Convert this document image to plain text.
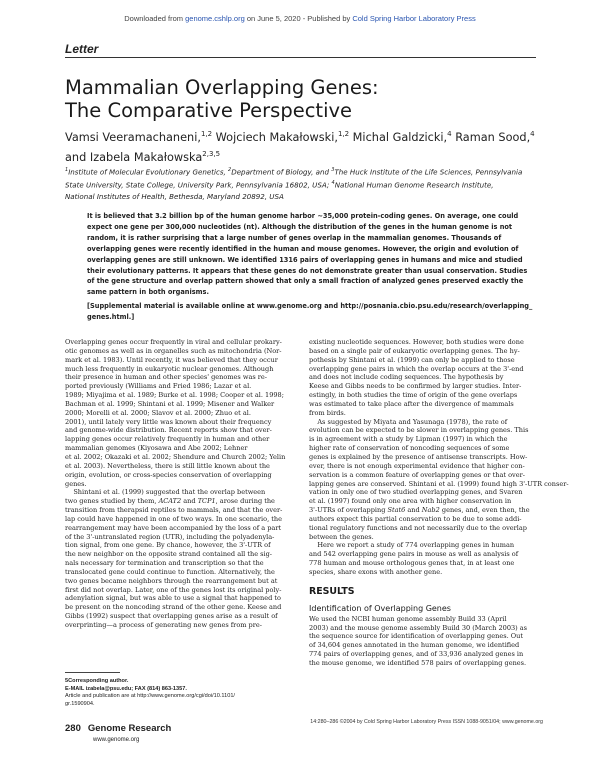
Downloaded from genome.cshlp.org on June 5, 2020 - Published by Cold Spring Harbor Laboratory Press
Letter
Mammalian Overlapping Genes:
The Comparative Perspective
Vamsi Veeramachaneni,$^{1,2}$ Wojciech Makałowski,$^{1,2}$ Michal Galdzicki,$^4$ Raman Sood,$^4$
and Izabela Makałowska$^{2,3,5}$
$^1$Institute of Molecular Evolutionary Genetics, $^2$Department of Biology, and $^3$The Huck Institute of the Life Sciences, Pennsylvania
State University, State College, University Park, Pennsylvania 16802, USA; $^4$National Human Genome Research Institute,
National Institutes of Health, Bethesda, Maryland 20892, USA
It is believed that 3.2 billion bp of the human genome harbor ~35,000 protein-coding genes. On average, one could
expect one gene per 300,000 nucleotides (nt). Although the distribution of the genes in the human genome is not
random, it is rather surprising that a large number of genes overlap in the mammalian genomes. Thousands of
overlapping genes were recently identified in the human and mouse genomes. However, the origin and evolution of
overlapping genes are still unknown. We identified 1316 pairs of overlapping genes in humans and mice and studied
their evolutionary patterns. It appears that these genes do not demonstrate greater than usual conservation. Studies
of the gene structure and overlap pattern showed that only a small fraction of analyzed genes preserved exactly the
same pattern in both organisms.
[Supplemental material is available online at www.genome.org and http://posnania.cbio.psu.edu/research/overlapping_
genes.html.]
Overlapping genes occur frequently in viral and cellular prokary-
otic genomes as well as in organelles such as mitochondria (Nor-
mark et al. 1983). Until recently, it was believed that they occur
much less frequently in eukaryotic nuclear genomes. Although
their presence in human and other species' genomes was re-
ported previously (Williams and Fried 1986; Lazar et al.
1989; Miyajima et al. 1989; Burke et al. 1998; Cooper et al. 1998;
Bachman et al. 1999; Shintani et al. 1999; Misener and Walker
2000; Morelli et al. 2000; Slavov et al. 2000; Zhuo et al.
2001), until lately very little was known about their frequency
and genome-wide distribution. Recent reports show that over-
lapping genes occur relatively frequently in human and other
mammalian genomes (Kiyosawa and Abe 2002; Lehner
et al. 2002; Okazaki et al. 2002; Shendure and Church 2002; Yelin
et al. 2003). Nevertheless, there is still little known about the
origin, evolution, or cross-species conservation of overlapping
genes.
Shintani et al. (1999) suggested that the overlap between
two genes studied by them, ACAT2 and TCP1, arose during the
transition from therapsid reptiles to mammals, and that the over-
lap could have happened in one of two ways. In one scenario, the
rearrangement may have been accompanied by the loss of a part
of the 3'-untranslated region (UTR), including the polyadenyla-
tion signal, from one gene. By chance, however, the 3'-UTR of
the new neighbor on the opposite strand contained all the sig-
nals necessary for termination and transcription so that the
translocated gene could continue to function. Alternatively, the
two genes became neighbors through the rearrangement but at
first did not overlap. Later, one of the genes lost its original poly-
adenylation signal, but was able to use a signal that happened to
be present on the noncoding strand of the other gene. Keese and
Gibbs (1992) suspect that overlapping genes arise as a result of
overprinting—a process of generating new genes from pre-
existing nucleotide sequences. However, both studies were done
based on a single pair of eukaryotic overlapping genes. The hy-
pothesis by Shintani et al. (1999) can only be applied to those
overlapping gene pairs in which the overlap occurs at the 3'-end
and does not include coding sequences. The hypothesis by
Keese and Gibbs needs to be confirmed by larger studies. Inter-
estingly, in both studies the time of origin of the gene overlaps
was estimated to take place after the divergence of mammals
from birds.
As suggested by Miyata and Yasunaga (1978), the rate of
evolution can be expected to be slower in overlapping genes. This
is in agreement with a study by Lipman (1997) in which the
higher rate of conservation of noncoding sequences of some
genes is explained by the presence of antisense transcripts. How-
ever, there is not enough experimental evidence that higher con-
servation is a common feature of overlapping genes or that over-
lapping genes are conserved. Shintani et al. (1999) found high 3'-UTR conser-
vation in only one of two studied overlapping genes, and Svaren
et al. (1997) found only one area with higher conservation in
3'-UTRs of overlapping Stat6 and Nab2 genes, and, even then, the
authors expect this partial conservation to be due to some addi-
tional regulatory functions and not necessarily due to the overlap
between the genes.
Here we report a study of 774 overlapping genes in human
and 542 overlapping gene pairs in mouse as well as analysis of
778 human and mouse orthologous genes that, in at least one
species, share exons with another gene.
RESULTS
Identification of Overlapping Genes
We used the NCBI human genome assembly Build 33 (April
2003) and the mouse genome assembly Build 30 (March 2003) as
the sequence source for identification of overlapping genes. Out
of 34,604 genes annotated in the human genome, we identified
774 pairs of overlapping genes, and of 33,936 analyzed genes in
the mouse genome, we identified 578 pairs of overlapping genes.
5Corresponding author.
E-MAIL izabela@psu.edu; FAX (814) 863-1357.
Article and publication are at http://www.genome.org/cgi/doi/10.1101/
gr.1590904.
280 Genome Research
www.genome.org
14:280–286 ©2004 by Cold Spring Harbor Laboratory Press ISSN 1088-9051/04; www.genome.org
